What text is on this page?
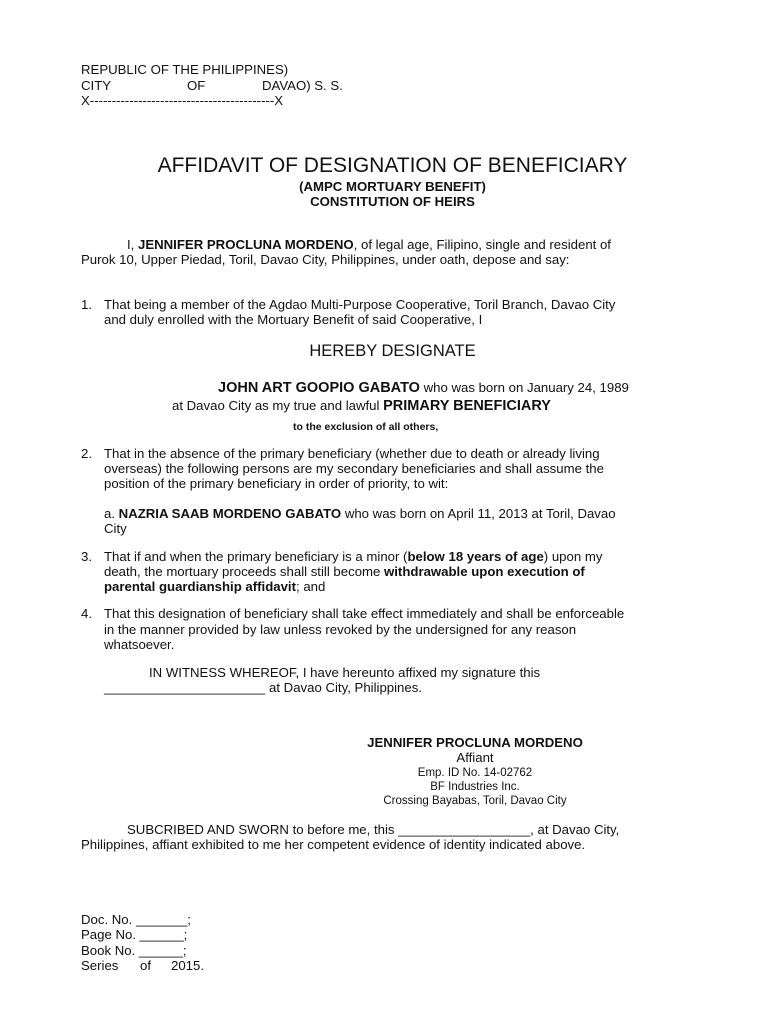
REPUBLIC OF THE PHILIPPINES)
CITY	OF	DAVAO) S. S.
X------------------------------------------X
AFFIDAVIT OF DESIGNATION OF BENEFICIARY
(AMPC MORTUARY BENEFIT)
CONSTITUTION OF HEIRS
I, JENNIFER PROCLUNA MORDENO, of legal age, Filipino, single and resident of
Purok 10, Upper Piedad, Toril, Davao City, Philippines, under oath, depose and say:
1. That being a member of the Agdao Multi-Purpose Cooperative, Toril Branch, Davao City
and duly enrolled with the Mortuary Benefit of said Cooperative, I
HEREBY DESIGNATE
JOHN ART GOOPIO GABATO who was born on January 24, 1989
at Davao City as my true and lawful PRIMARY BENEFICIARY
to the exclusion of all others,
2. That in the absence of the primary beneficiary (whether due to death or already living
overseas) the following persons are my secondary beneficiaries and shall assume the
position of the primary beneficiary in order of priority, to wit:
a. NAZRIA SAAB MORDENO GABATO who was born on April 11, 2013 at Toril, Davao
City
3. That if and when the primary beneficiary is a minor (below 18 years of age) upon my
death, the mortuary proceeds shall still become withdrawable upon execution of
parental guardianship affidavit; and
4. That this designation of beneficiary shall take effect immediately and shall be enforceable
in the manner provided by law unless revoked by the undersigned for any reason
whatsoever.
IN WITNESS WHEREOF, I have hereunto affixed my signature this
______________________ at Davao City, Philippines.
JENNIFER PROCLUNA MORDENO
Affiant
Emp. ID No. 14-02762
BF Industries Inc.
Crossing Bayabas, Toril, Davao City
SUBCRIBED AND SWORN to before me, this __________________, at Davao City,
Philippines, affiant exhibited to me her competent evidence of identity indicated above.
Doc. No. _______;
Page No. ______;
Book No. ______;
Series of 2015.
